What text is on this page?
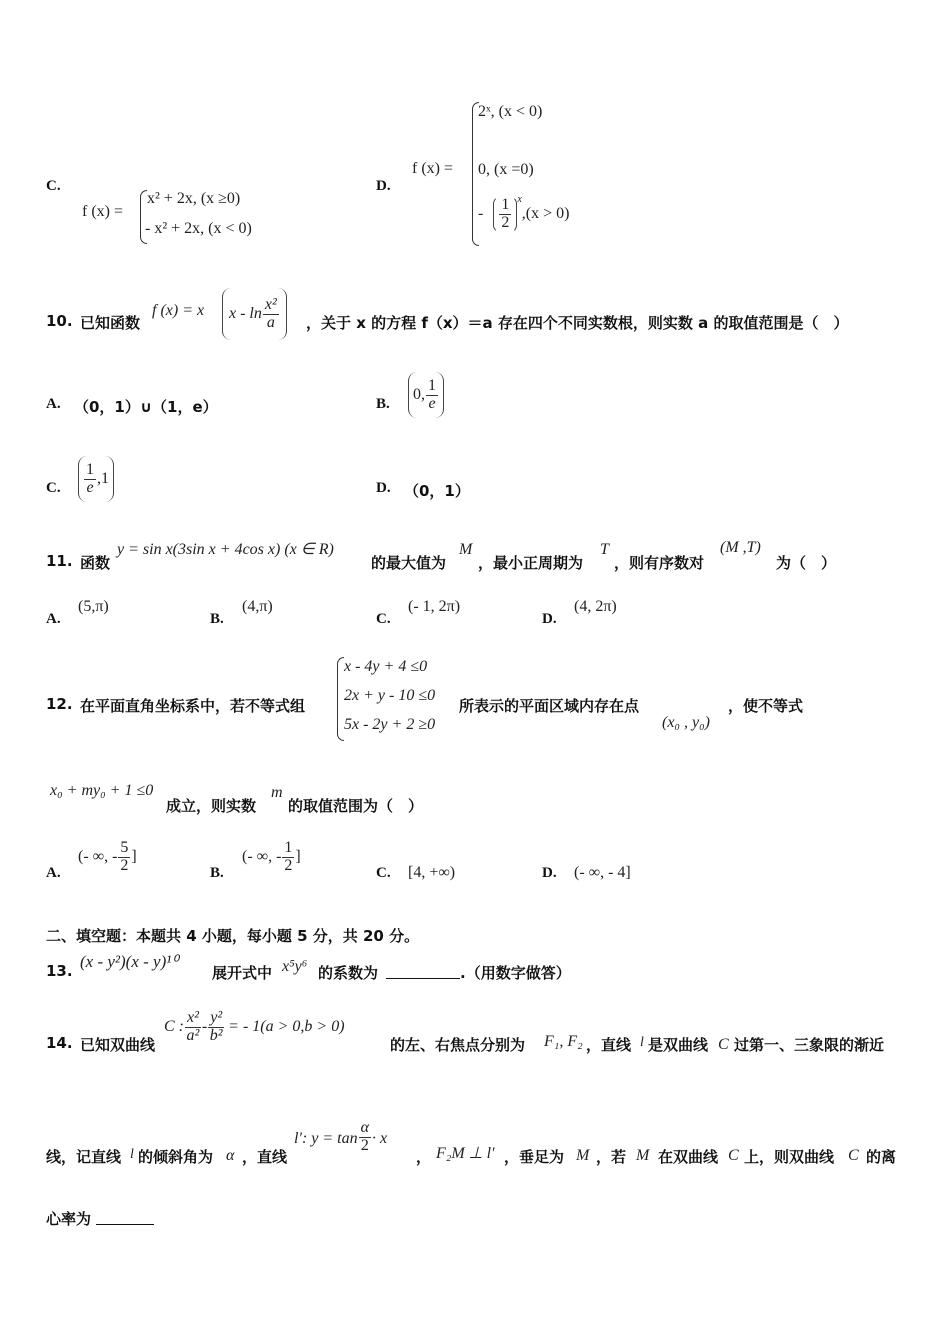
C.
f (x) =
x² + 2x, (x ≥0)
- x² + 2x, (x < 0)
D.
f (x) =
2ˣ, (x < 0)
0, (x =0)
- $\frac{1}{2} ^x,(x > 0)$
10. 已知函数
f (x) = x x - $\ln \frac{\text{x²}}{a}$ ，关于 x 的方程 f（x）＝a 存在四个不同实数根，则实数 a 的取值范围是（　）
A. （0，1）∪（1，e）	B.
0, $\frac{1}{e}$
C. $\frac{1}{e} ,1$
D. （0，1）
11. 函数
y = sin x(3sin x + 4cos x) (x ∈ R)
的最大值为
M
，最小正周期为
T
，则有序数对
(M ,T)
为（　）
A.
(5,π)
B.
(4,π)
C.
(- 1, 2π)
D.
(4, 2π)
12. 在平面直角坐标系中，若不等式组
x - 4y + 4 ≤0
2x + y - 10 ≤0
5x - 2y + 2 ≥0
所表示的平面区域内存在点
(x₀ , y₀)
，使不等式
x₀ + my₀ + 1 ≤0
成立，则实数
m
的取值范围为（　）
A.
(- ∞, - $\frac{5}{2}$ ]
B.
(- ∞, - $\frac{1}{2}$ ]
C. [4, +∞)	D. (- ∞, - 4]
二、填空题：本题共 4 小题，每小题 5 分，共 20 分。
13. (x - y²)(x - y)¹⁰
展开式中 x⁵y⁶ 的系数为	.（用数字做答）
14. 已知双曲线
C : $\frac{\text{x²}}{\text{a²}} - \frac{\text{y²}}{\text{b²}}$ = - 1(a > 0,b > 0)
的左、右焦点分别为 F₁, F₂ ，直线 l 是双曲线 C 过第一、三象限的渐近
线，记直线 l 的倾斜角为 α ，直线
l′: $y = \tan \frac{\alpha}{2} \cdot x$
， F₂M ⊥ l′ ，垂足为 M ，若 M 在双曲线 C 上，则双曲线 C 的离
心率为
